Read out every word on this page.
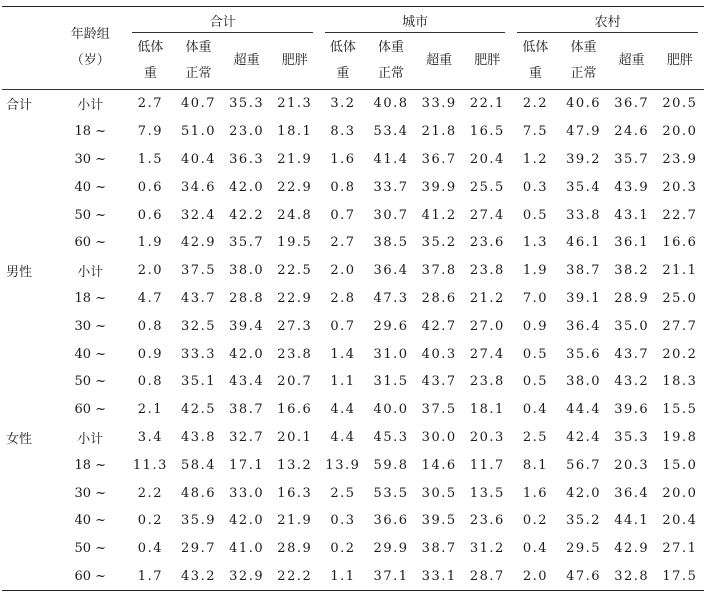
	年龄组
（岁）	合计				城市				农村			

		低体重	体重正常	超重	肥胖	低体重	体重正常	超重	肥胖	低体重	体重正常	超重	肥胖
合计	小计	2.7	40.7	35.3	21.3	3.2	40.8	33.9	22.1	2.2	40.6	36.7	20.5
	18 ~	7.9	51.0	23.0	18.1	8.3	53.4	21.8	16.5	7.5	47.9	24.6	20.0
	30 ~	1.5	40.4	36.3	21.9	1.6	41.4	36.7	20.4	1.2	39.2	35.7	23.9
	40 ~	0.6	34.6	42.0	22.9	0.8	33.7	39.9	25.5	0.3	35.4	43.9	20.3
	50 ~	0.6	32.4	42.2	24.8	0.7	30.7	41.2	27.4	0.5	33.8	43.1	22.7
	60 ~	1.9	42.9	35.7	19.5	2.7	38.5	35.2	23.6	1.3	46.1	36.1	16.6
男性	小计	2.0	37.5	38.0	22.5	2.0	36.4	37.8	23.8	1.9	38.7	38.2	21.1
	18 ~	4.7	43.7	28.8	22.9	2.8	47.3	28.6	21.2	7.0	39.1	28.9	25.0
	30 ~	0.8	32.5	39.4	27.3	0.7	29.6	42.7	27.0	0.9	36.4	35.0	27.7
	40 ~	0.9	33.3	42.0	23.8	1.4	31.0	40.3	27.4	0.5	35.6	43.7	20.2
	50 ~	0.8	35.1	43.4	20.7	1.1	31.5	43.7	23.8	0.5	38.0	43.2	18.3
	60 ~	2.1	42.5	38.7	16.6	4.4	40.0	37.5	18.1	0.4	44.4	39.6	15.5
女性	小计	3.4	43.8	32.7	20.1	4.4	45.3	30.0	20.3	2.5	42.4	35.3	19.8
	18 ~	11.3	58.4	17.1	13.2	13.9	59.8	14.6	11.7	8.1	56.7	20.3	15.0
	30 ~	2.2	48.6	33.0	16.3	2.5	53.5	30.5	13.5	1.6	42.0	36.4	20.0
	40 ~	0.2	35.9	42.0	21.9	0.3	36.6	39.5	23.6	0.2	35.2	44.1	20.4
	50 ~	0.4	29.7	41.0	28.9	0.2	29.9	38.7	31.2	0.4	29.5	42.9	27.1
	60 ~	1.7	43.2	32.9	22.2	1.1	37.1	33.1	28.7	2.0	47.6	32.8	17.5
